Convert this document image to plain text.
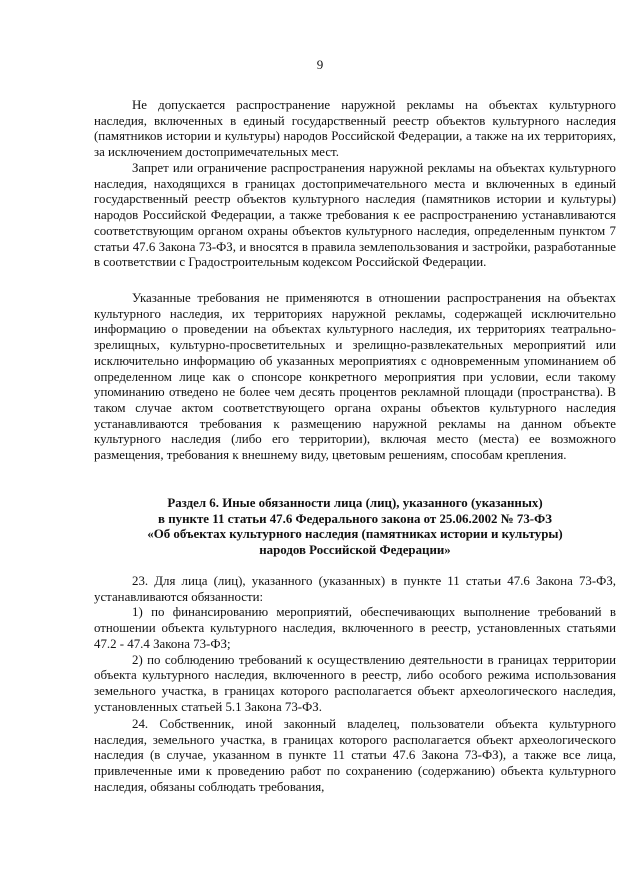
9

Не допускается распространение наружной рекламы на объектах культурного наследия, включенных в единый государственный реестр объектов культурного наследия (памятников истории и культуры) народов Российской Федерации, а также на их территориях, за исключением достопримечательных мест.

Запрет или ограничение распространения наружной рекламы на объектах культурного наследия, находящихся в границах достопримечательного места и включенных в единый государственный реестр объектов культурного наследия (памятников истории и культуры) народов Российской Федерации, а также требования к ее распространению устанавливаются соответствующим органом охраны объектов культурного наследия, определенным пунктом 7 статьи 47.6 Закона 73-ФЗ, и вносятся в правила землепользования и застройки, разработанные в соответствии с Градостроительным кодексом Российской Федерации.

Указанные требования не применяются в отношении распространения на объектах культурного наследия, их территориях наружной рекламы, содержащей исключительно информацию о проведении на объектах культурного наследия, их территориях театрально-зрелищных, культурно-просветительных и зрелищно-развлекательных мероприятий или исключительно информацию об указанных мероприятиях с одновременным упоминанием об определенном лице как о спонсоре конкретного мероприятия при условии, если такому упоминанию отведено не более чем десять процентов рекламной площади (пространства). В таком случае актом соответствующего органа охраны объектов культурного наследия устанавливаются требования к размещению наружной рекламы на данном объекте культурного наследия (либо его территории), включая место (места) ее возможного размещения, требования к внешнему виду, цветовым решениям, способам крепления.

Раздел 6. Иные обязанности лица (лиц), указанного (указанных)
в пункте 11 статьи 47.6 Федерального закона от 25.06.2002 № 73-ФЗ
«Об объектах культурного наследия (памятниках истории и культуры)
народов Российской Федерации»

23. Для лица (лиц), указанного (указанных) в пункте 11 статьи 47.6 Закона 73-ФЗ, устанавливаются обязанности:

1) по финансированию мероприятий, обеспечивающих выполнение требований в отношении объекта культурного наследия, включенного в реестр, установленных статьями 47.2 - 47.4 Закона 73-ФЗ;

2) по соблюдению требований к осуществлению деятельности в границах территории объекта культурного наследия, включенного в реестр, либо особого режима использования земельного участка, в границах которого располагается объект археологического наследия, установленных статьей 5.1 Закона 73-ФЗ.

24. Собственник, иной законный владелец, пользователи объекта культурного наследия, земельного участка, в границах которого располагается объект археологического наследия (в случае, указанном в пункте 11 статьи 47.6 Закона 73-ФЗ), а также все лица, привлеченные ими к проведению работ по сохранению (содержанию) объекта культурного наследия, обязаны соблюдать требования,
